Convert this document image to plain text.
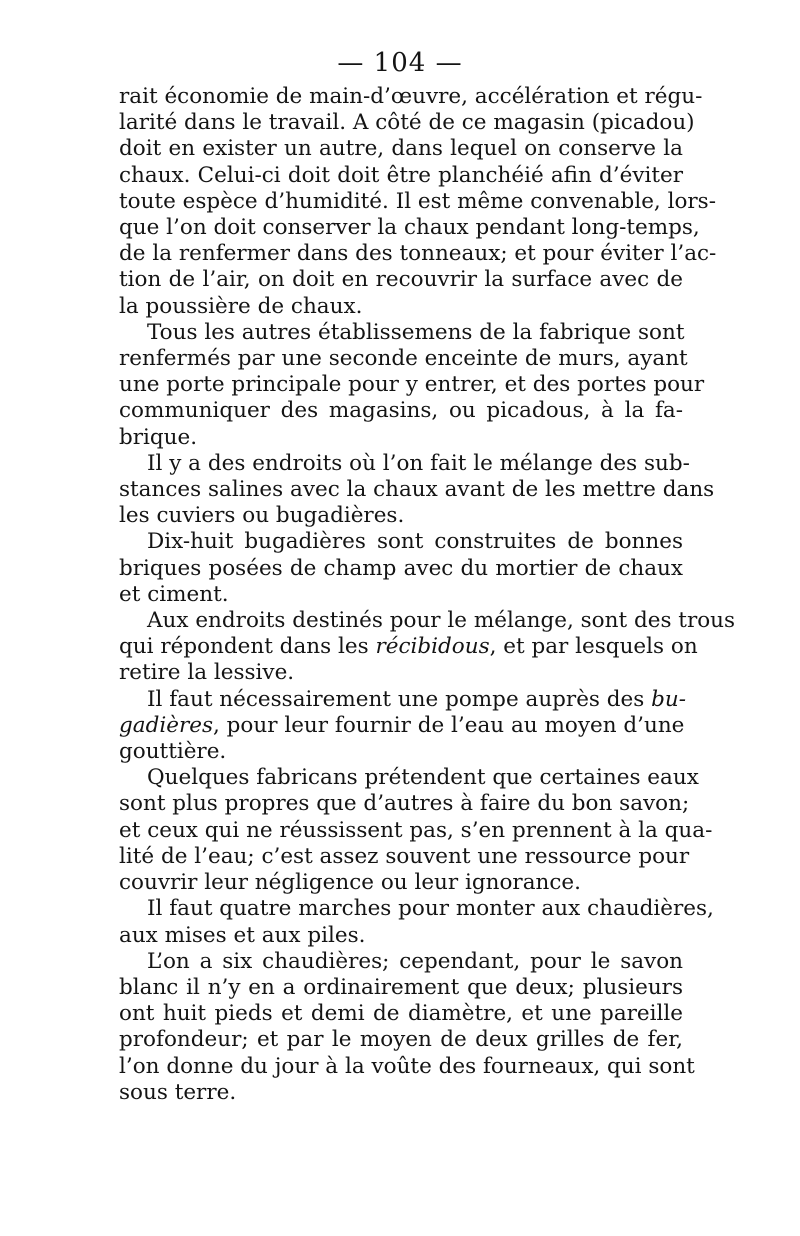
— 104 —
rait économie de main-d’œuvre, accélération et régu-
larité dans le travail. A côté de ce magasin (picadou)
doit en exister un autre, dans lequel on conserve la
chaux. Celui-ci doit doit être planchéié afin d’éviter
toute espèce d’humidité. Il est même convenable, lors-
que l’on doit conserver la chaux pendant long-temps,
de la renfermer dans des tonneaux; et pour éviter l’ac-
tion de l’air, on doit en recouvrir la surface avec de
la poussière de chaux.
Tous les autres établissemens de la fabrique sont
renfermés par une seconde enceinte de murs, ayant
une porte principale pour y entrer, et des portes pour
communiquer des magasins, ou picadous, à la fa-
brique.
Il y a des endroits où l’on fait le mélange des sub-
stances salines avec la chaux avant de les mettre dans
les cuviers ou bugadières.
Dix-huit bugadières sont construites de bonnes
briques posées de champ avec du mortier de chaux
et ciment.
Aux endroits destinés pour le mélange, sont des trous
qui répondent dans les récibidous, et par lesquels on
retire la lessive.
Il faut nécessairement une pompe auprès des bu-
gadières, pour leur fournir de l’eau au moyen d’une
gouttière.
Quelques fabricans prétendent que certaines eaux
sont plus propres que d’autres à faire du bon savon;
et ceux qui ne réussissent pas, s’en prennent à la qua-
lité de l’eau; c’est assez souvent une ressource pour
couvrir leur négligence ou leur ignorance.
Il faut quatre marches pour monter aux chaudières,
aux mises et aux piles.
L’on a six chaudières; cependant, pour le savon
blanc il n’y en a ordinairement que deux; plusieurs
ont huit pieds et demi de diamètre, et une pareille
profondeur; et par le moyen de deux grilles de fer,
l’on donne du jour à la voûte des fourneaux, qui sont
sous terre.
